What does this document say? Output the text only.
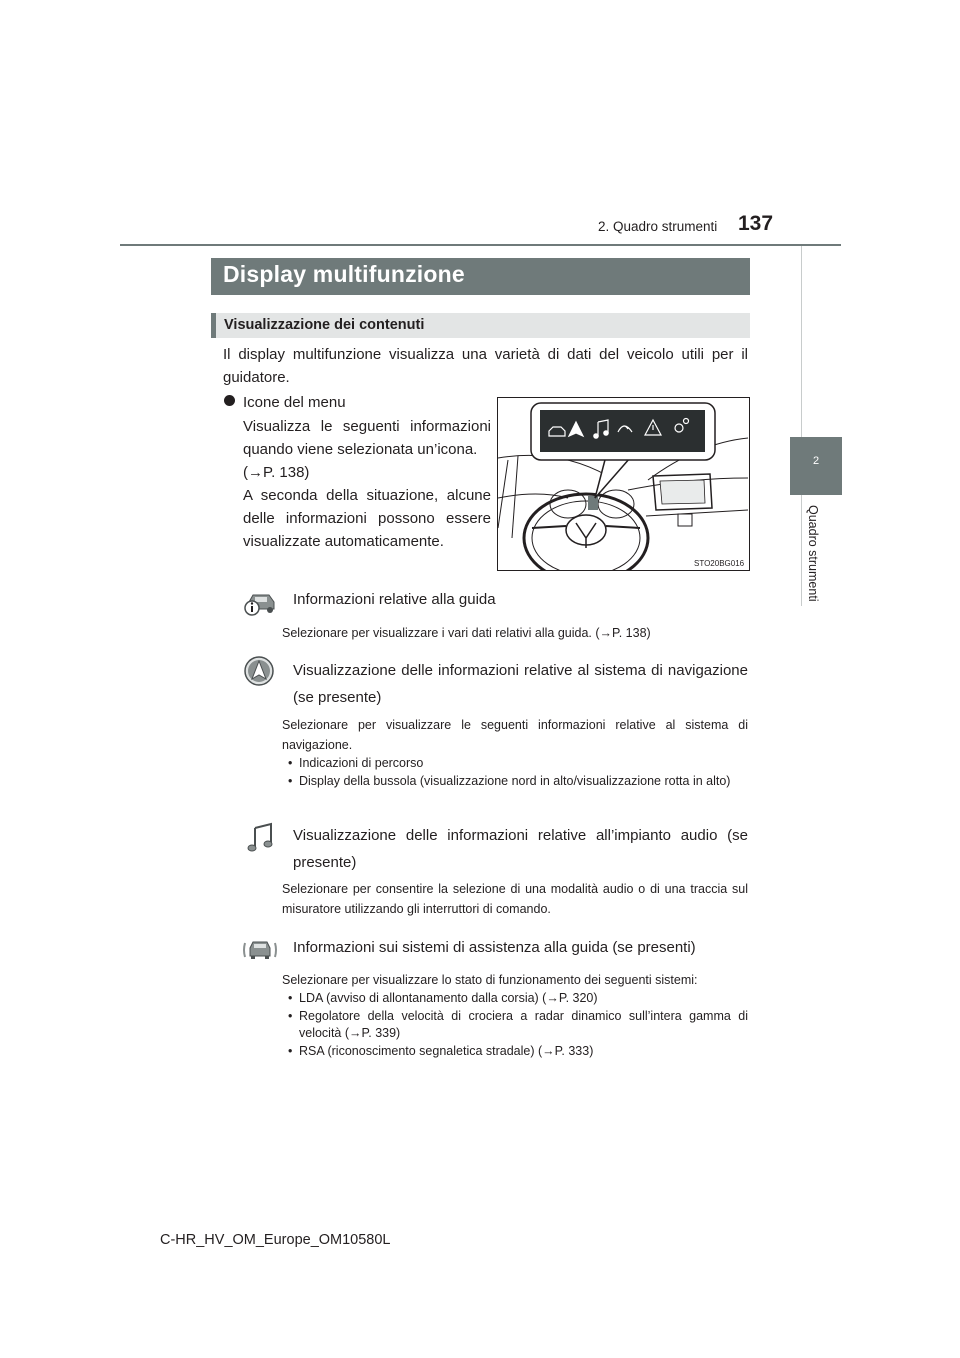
2. Quadro strumenti 137
2
Quadro strumenti
Display multifunzione
Visualizzazione dei contenuti
Il display multifunzione visualizza una varietà di dati del veicolo utili per il guidatore.
Icone del menu

Visualizza le seguenti informazioni quando viene selezionata un’icona.

(→P. 138)

A seconda della situazione, alcune delle informazioni possono essere visualizzate automaticamente.

STO20BG016
Informazioni relative alla guida
Selezionare per visualizzare i vari dati relativi alla guida. (→P. 138)
Visualizzazione delle informazioni relative al sistema di navigazione (se presente)

Selezionare per visualizzare le seguenti informazioni relative al sistema di navigazione.

• Indicazioni di percorso
• Display della bussola (visualizzazione nord in alto/visualizzazione rotta in alto)
Visualizzazione delle informazioni relative all’impianto audio (se presente)
Selezionare per consentire la selezione di una modalità audio o di una traccia sul misuratore utilizzando gli interruttori di comando.
Informazioni sui sistemi di assistenza alla guida (se presenti)

Selezionare per visualizzare lo stato di funzionamento dei seguenti sistemi:

• LDA (avviso di allontanamento dalla corsia) (→P. 320)
• Regolatore della velocità di crociera a radar dinamico sull’intera gamma di velocità (→P. 339)
• RSA (riconoscimento segnaletica stradale) (→P. 333)
C-HR_HV_OM_Europe_OM10580L
